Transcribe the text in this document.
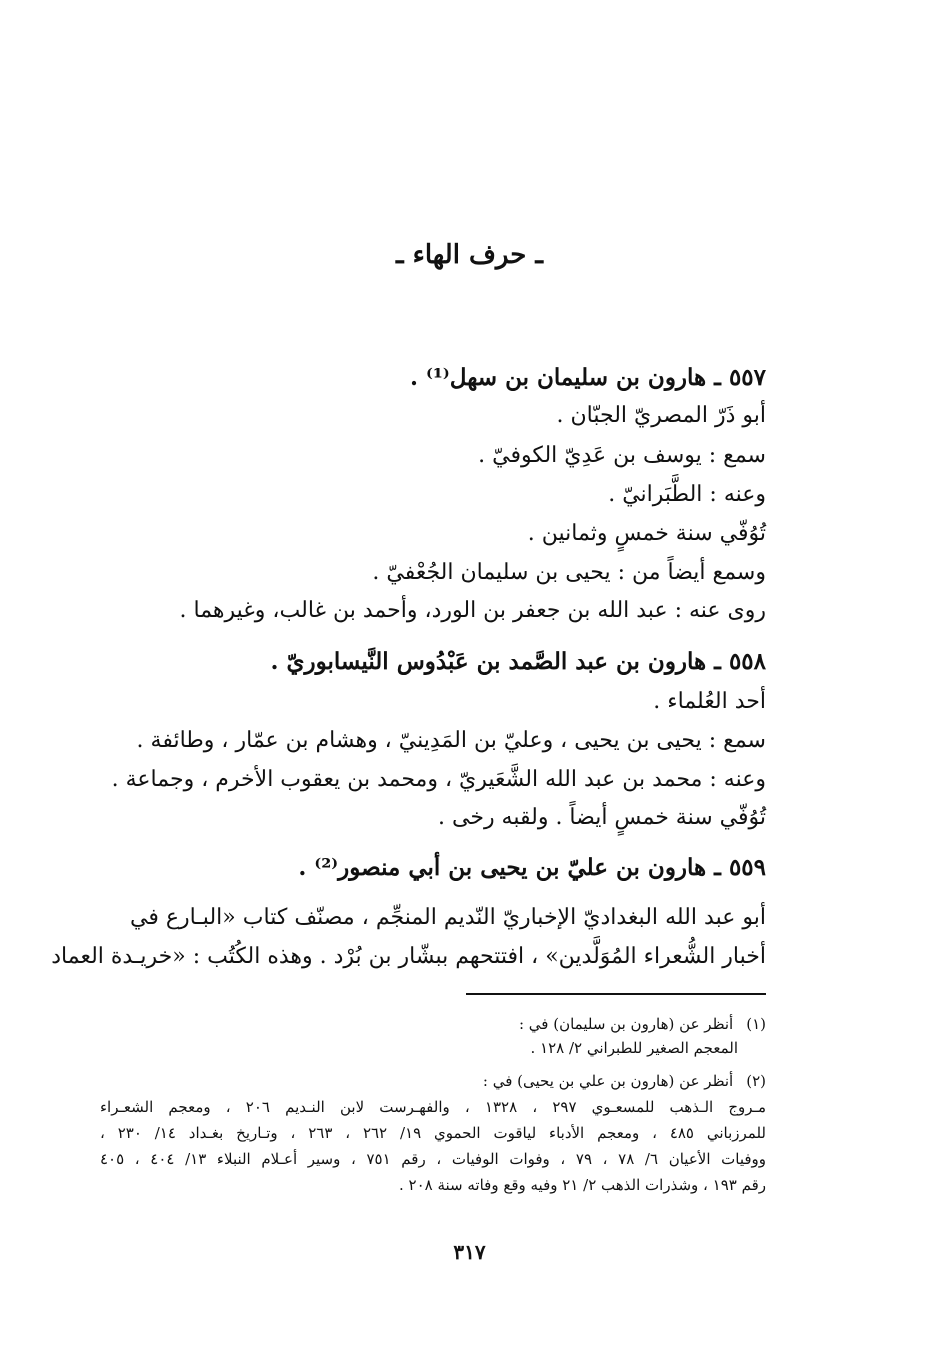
ـ حرف الهاء ـ
٥٥٧ ـ هارون بن سليمان بن سهل⁽¹⁾ .
أبو ذَرّ المصريّ الجبّان .
سمع : يوسف بن عَدِيّ الكوفيّ .
وعنه : الطَّبَرانيّ .
تُوُفّي سنة خمسٍ وثمانين .
وسمع أيضاً من : يحيى بن سليمان الجُعْفيّ .
روى عنه : عبد الله بن جعفر بن الورد، وأحمد بن غالب، وغيرهما .
٥٥٨ ـ هارون بن عبد الصَّمد بن عَبْدُوس النَّيسابوريّ .
أحد العُلماء .
سمع : يحيى بن يحيى ، وعليّ بن المَدِينيّ ، وهشام بن عمّار ، وطائفة .
وعنه : محمد بن عبد الله الشَّعَيريّ ، ومحمد بن يعقوب الأخرم ، وجماعة .
تُوُفّي سنة خمسٍ أيضاً . ولقبه رخى .
٥٥٩ ـ هارون بن عليّ بن يحيى بن أبي منصور⁽²⁾ .
أبو عبد الله البغداديّ الإخباريّ النّديم المنجِّم ، مصنّف كتاب «البـارع في
أخبار الشُّعراء المُوَلَّدين» ، افتتحهم ببشّار بن بُرْد . وهذه الكُتُب : «خريـدة العماد
(١) أنظر عن (هارون بن سليمان) في :
المعجم الصغير للطبراني ٢/ ١٢٨ .
(٢) أنظر عن (هارون بن علي بن يحيى) في :
مـروج الـذهب للمسعـوي ٢٩٧ ، ١٣٢٨ ، والفهـرست لابن النـديم ٢٠٦ ، ومعجم الشعـراء
للمرزباني ٤٨٥ ، ومعجم الأدباء لياقوت الحموي ١٩/ ٢٦٢ ، ٢٦٣ ، وتـاريخ بغـداد ١٤/ ٢٣٠ ،
ووفيات الأعيان ٦/ ٧٨ ، ٧٩ ، وفوات الوفيات ، رقم ٧٥١ ، وسير أعـلام النبلاء ١٣/ ٤٠٤ ، ٤٠٥
رقم ١٩٣ ، وشذرات الذهب ٢/ ٢١ وفيه وقع وفاته سنة ٢٠٨ .
٣١٧
